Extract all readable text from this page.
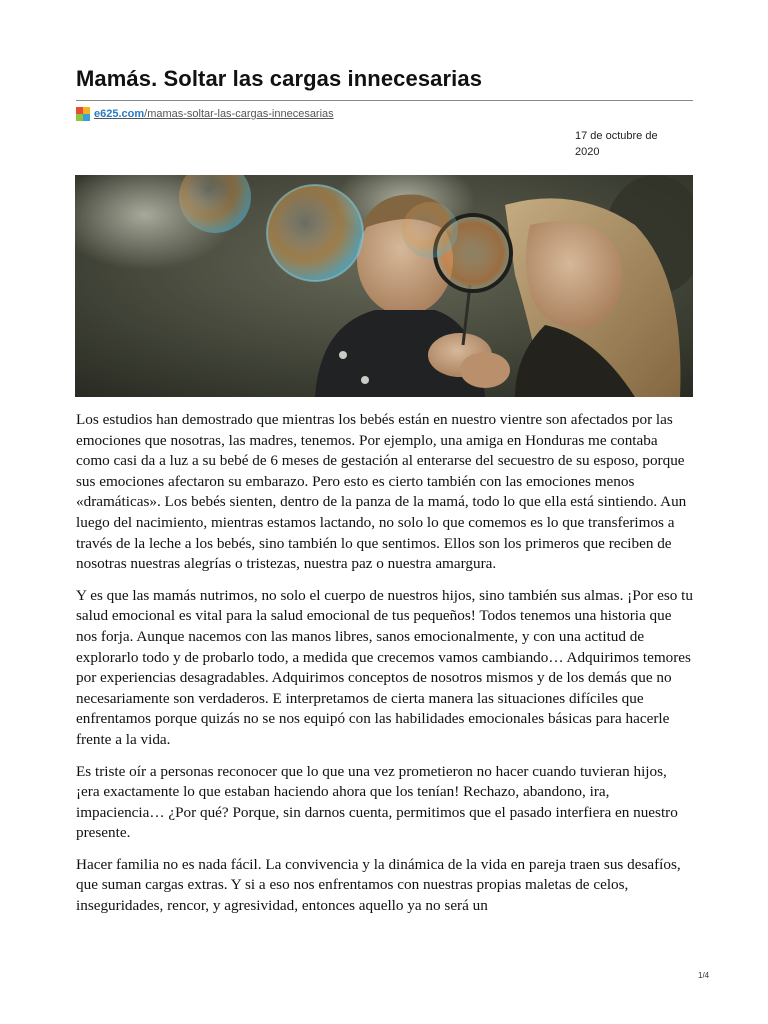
Mamás. Soltar las cargas innecesarias
e625.com/mamas-soltar-las-cargas-innecesarias
17 de octubre de 2020

Los estudios han demostrado que mientras los bebés están en nuestro vientre son afectados por las emociones que nosotras, las madres, tenemos. Por ejemplo, una amiga en Honduras me contaba como casi da a luz a su bebé de 6 meses de gestación al enterarse del secuestro de su esposo, porque sus emociones afectaron su embarazo. Pero esto es cierto también con las emociones menos «dramáticas». Los bebés sienten, dentro de la panza de la mamá, todo lo que ella está sintiendo. Aun luego del nacimiento, mientras estamos lactando, no solo lo que comemos es lo que transferimos a través de la leche a los bebés, sino también lo que sentimos. Ellos son los primeros que reciben de nosotras nuestras alegrías o tristezas, nuestra paz o nuestra amargura.

Y es que las mamás nutrimos, no solo el cuerpo de nuestros hijos, sino también sus almas. ¡Por eso tu salud emocional es vital para la salud emocional de tus pequeños! Todos tenemos una historia que nos forja. Aunque nacemos con las manos libres, sanos emocionalmente, y con una actitud de explorarlo todo y de probarlo todo, a medida que crecemos vamos cambiando… Adquirimos temores por experiencias desagradables. Adquirimos conceptos de nosotros mismos y de los demás que no necesariamente son verdaderos. E interpretamos de cierta manera las situaciones difíciles que enfrentamos porque quizás no se nos equipó con las habilidades emocionales básicas para hacerle frente a la vida.

Es triste oír a personas reconocer que lo que una vez prometieron no hacer cuando tuvieran hijos, ¡era exactamente lo que estaban haciendo ahora que los tenían! Rechazo, abandono, ira, impaciencia… ¿Por qué? Porque, sin darnos cuenta, permitimos que el pasado interfiera en nuestro presente.

Hacer familia no es nada fácil. La convivencia y la dinámica de la vida en pareja traen sus desafíos, que suman cargas extras. Y si a eso nos enfrentamos con nuestras propias maletas de celos, inseguridades, rencor, y agresividad, entonces aquello ya no será un

1/4
